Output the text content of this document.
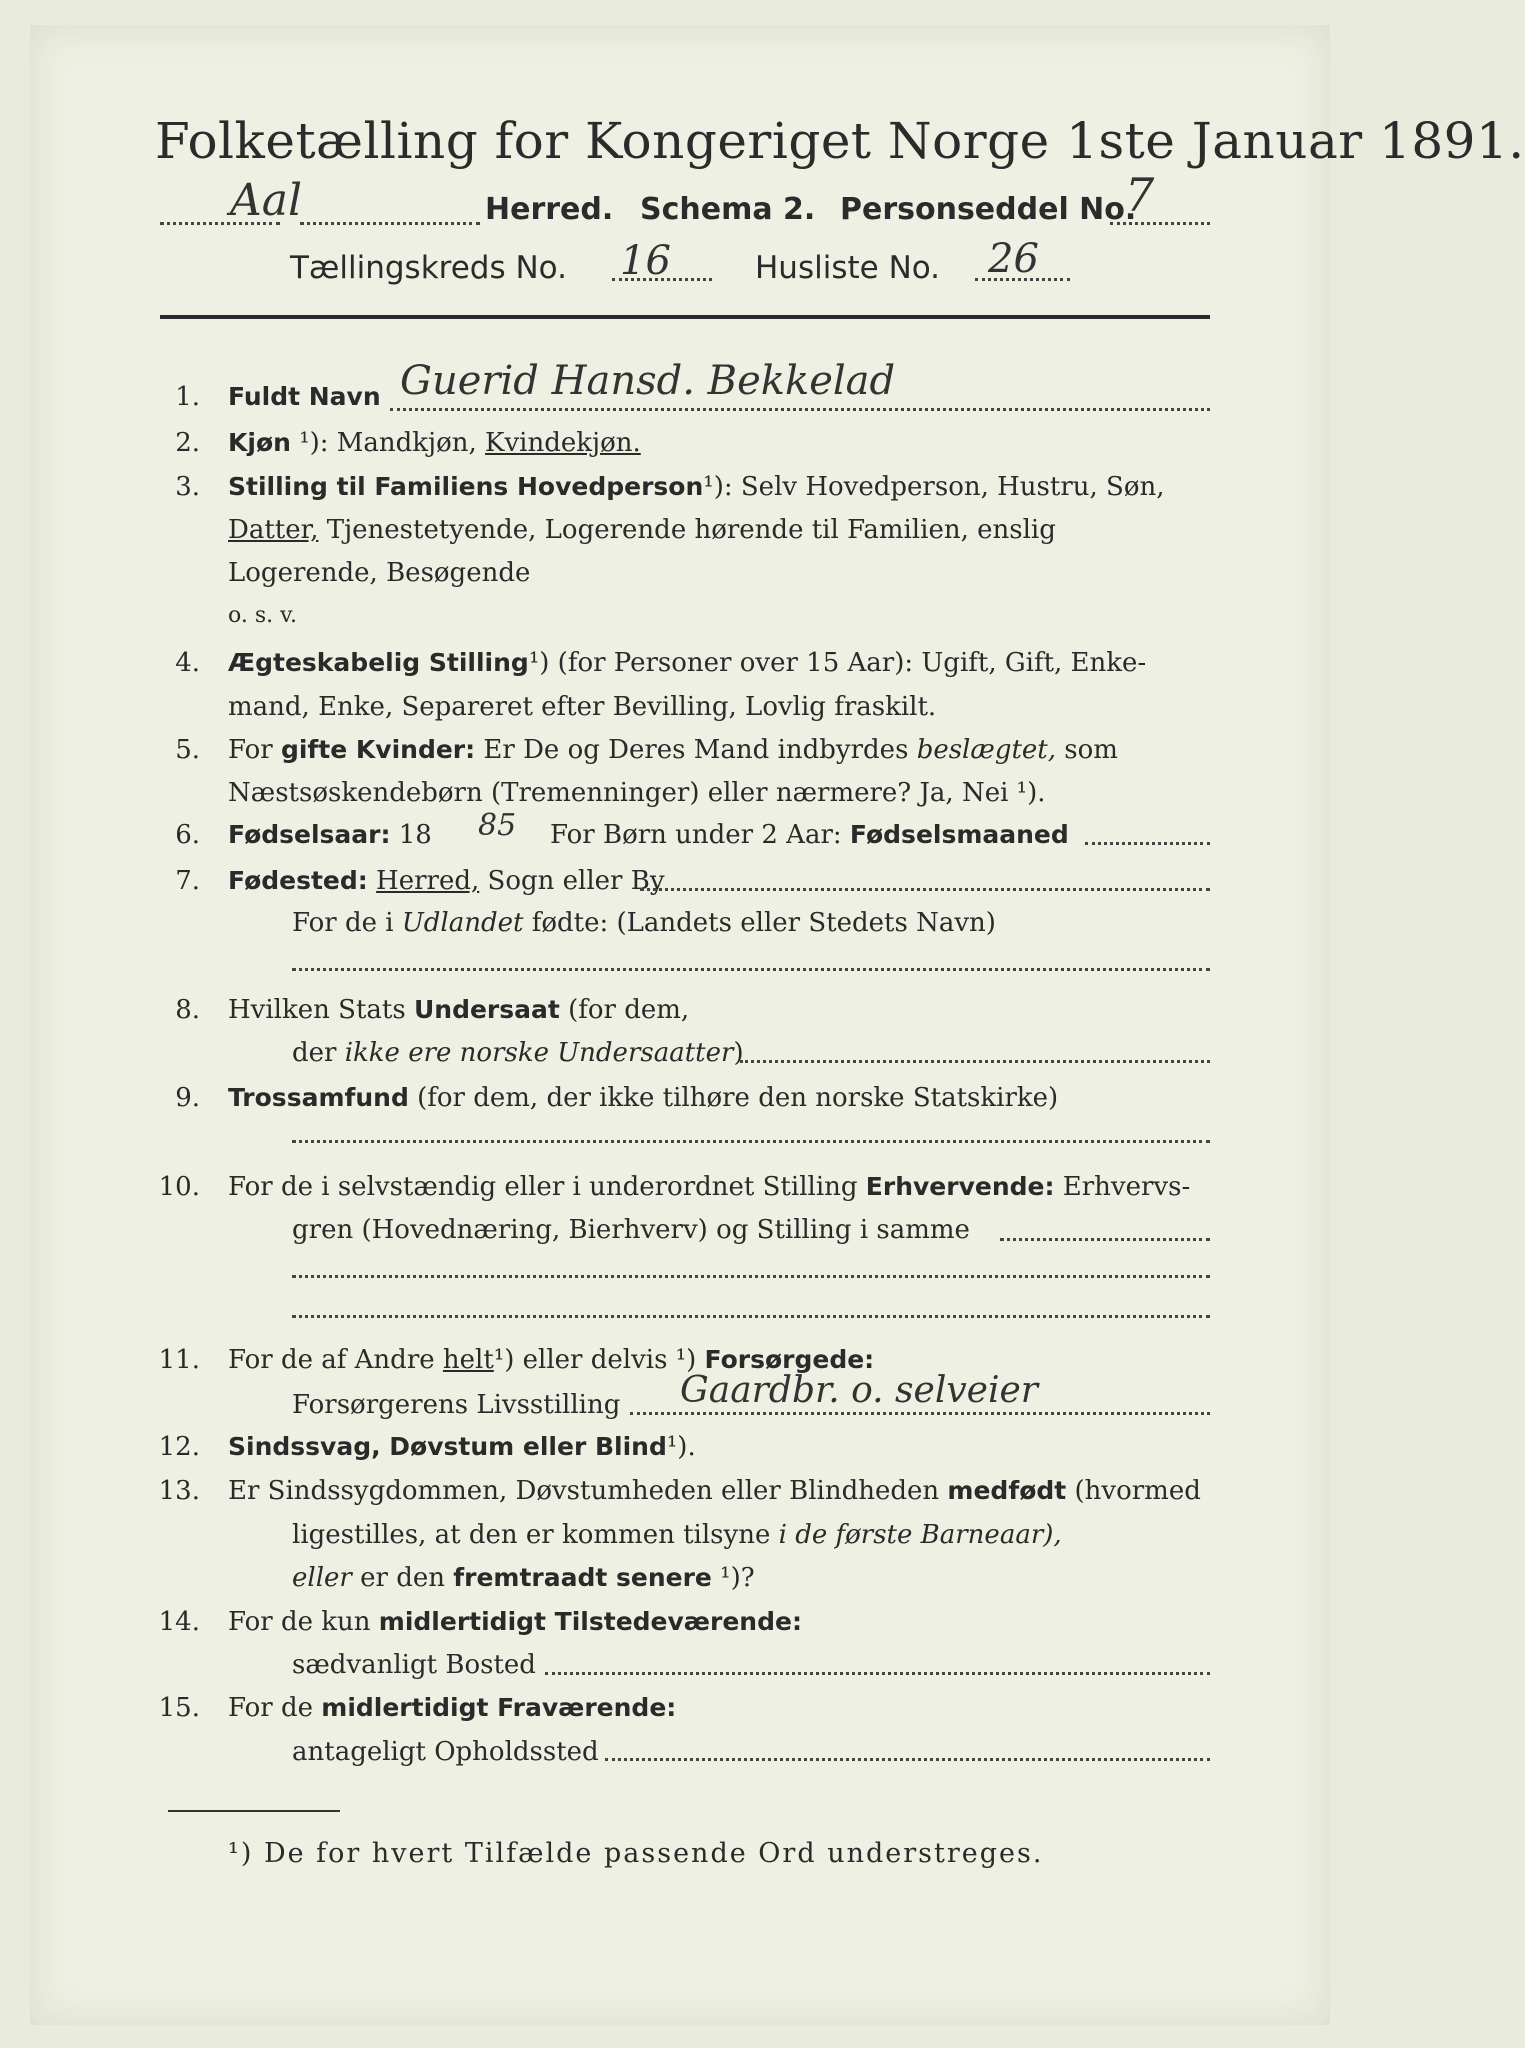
Folketælling for Kongeriget Norge 1ste Januar 1891.
Aal	Herred. Schema 2. Personseddel No.
7
Tællingskreds No. 16	Husliste No. 26
1. Fuldt Navn Guerid Hansd. Bekkelad
2. Kjøn ¹): Mandkjøn, Kvindekjøn.
3. Stilling til Familiens Hovedperson¹): Selv Hovedperson, Hustru, Søn,
Datter, Tjenestetyende, Logerende hørende til Familien, enslig
Logerende, Besøgende
o. s. v.
4. Ægteskabelig Stilling¹) (for Personer over 15 Aar): Ugift, Gift, Enke-
mand, Enke, Separeret efter Bevilling, Lovlig fraskilt.
5. For gifte Kvinder: Er De og Deres Mand indbyrdes beslægtet, som
Næstsøskendebørn (Tremenninger) eller nærmere? Ja, Nei ¹).
6. Fødselsaar: 18 85 For Børn under 2 Aar: Fødselsmaaned
7. Fødested: Herred, Sogn eller By
For de i Udlandet fødte: (Landets eller Stedets Navn)
8. Hvilken Stats Undersaat (for dem,
der ikke ere norske Undersaatter)
9. Trossamfund (for dem, der ikke tilhøre den norske Statskirke)
10. For de i selvstændig eller i underordnet Stilling Erhvervende: Erhvervs-
gren (Hovednæring, Bierhverv) og Stilling i samme
11. For de af Andre helt¹) eller delvis ¹) Forsørgede:
Forsørgerens Livsstilling Gaardbr. o. selveier
12. Sindssvag, Døvstum eller Blind¹).
13. Er Sindssygdommen, Døvstumheden eller Blindheden medfødt (hvormed
ligestilles, at den er kommen tilsyne i de første Barneaar),
eller er den fremtraadt senere ¹)?
14. For de kun midlertidigt Tilstedeværende:
sædvanligt Bosted
15. For de midlertidigt Fraværende:
antageligt Opholdssted
¹) De for hvert Tilfælde passende Ord understreges.
